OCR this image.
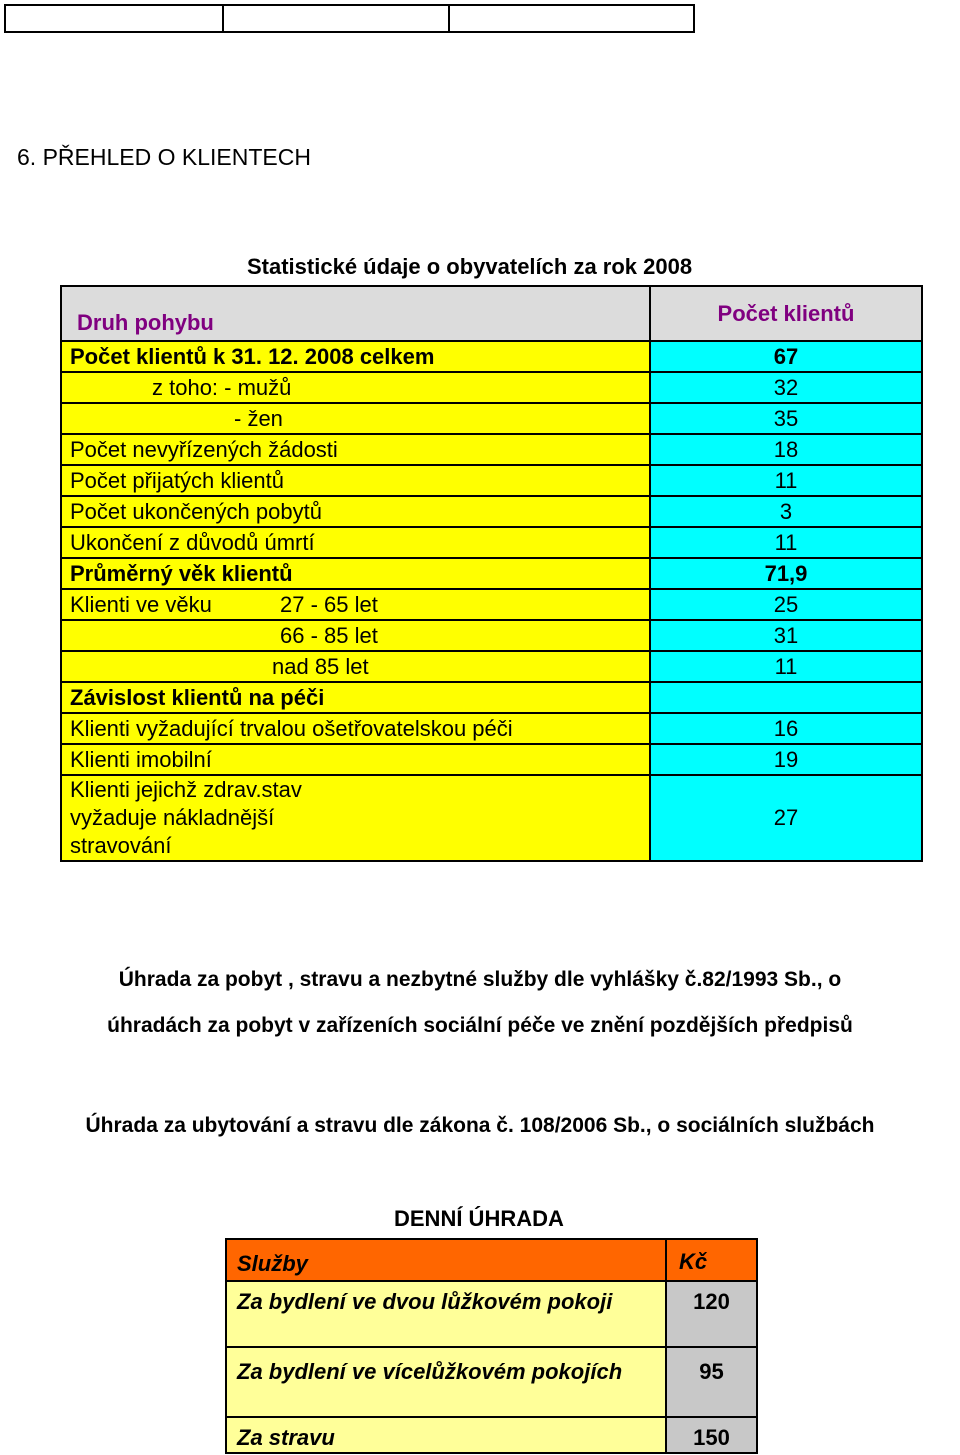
6. PŘEHLED O KLIENTECH
Statistické údaje o obyvatelích za rok 2008
Druh pohybu	Počet klientů
Počet klientů k 31. 12. 2008 celkem	67
z toho: - mužů	32
- žen	35
Počet nevyřízených žádosti	18
Počet přijatých klientů	11
Počet ukončených pobytů	3
Ukončení z důvodů úmrtí	11
Průměrný věk klientů	71,9
Klienti ve věku 27 - 65 let	25
66 - 85 let	31
nad 85 let	11
Závislost klientů na péči	
Klienti vyžadující trvalou ošetřovatelskou péči	16
Klienti imobilní	19
Klienti jejichž zdrav.stav vyžaduje nákladnější stravování	27
Úhrada za pobyt , stravu a nezbytné služby dle vyhlášky č.82/1993 Sb., o
úhradách za pobyt v zařízeních sociální péče ve znění pozdějších předpisů
Úhrada za ubytování a stravu dle zákona č. 108/2006 Sb., o sociálních službách
DENNÍ ÚHRADA
Služby	Kč
Za bydlení ve dvou lůžkovém pokoji	120
Za bydlení ve vícelůžkovém pokojích	95
Za stravu	150
